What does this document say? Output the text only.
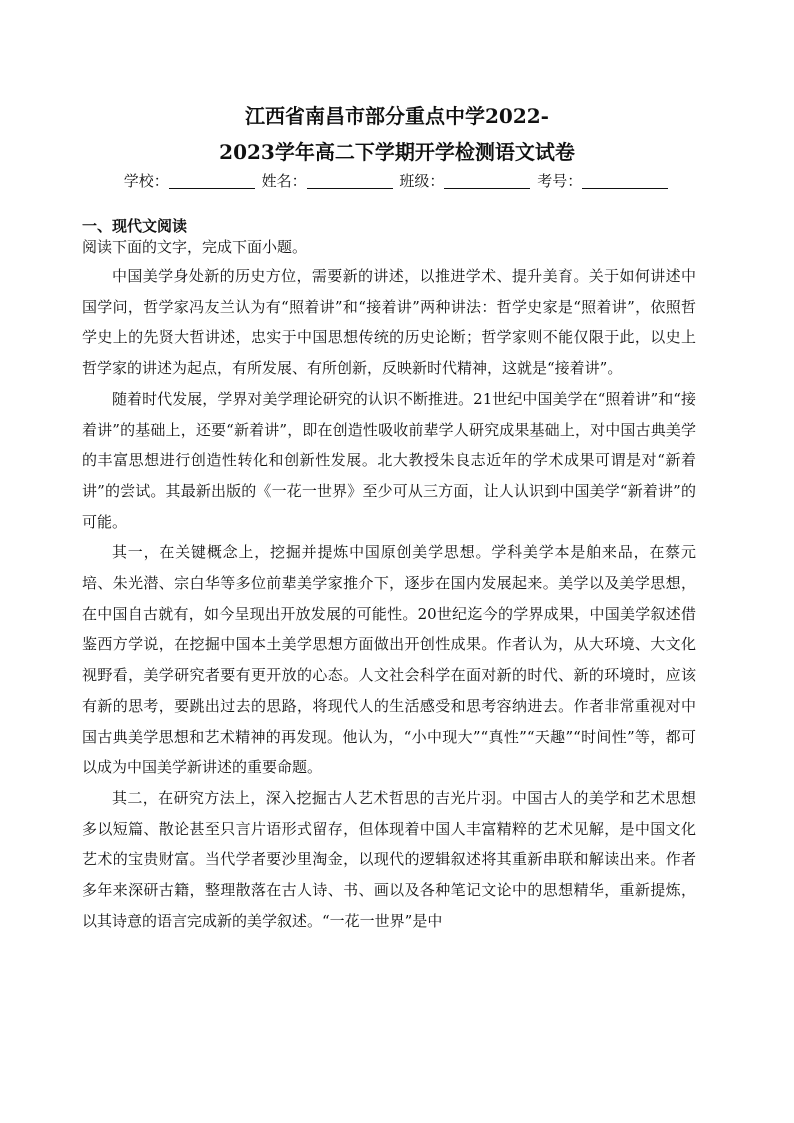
江西省南昌市部分重点中学2022-
2023学年高二下学期开学检测语文试卷
学校：	姓名：	班级：	考号：
一、现代文阅读
阅读下面的文字，完成下面小题。

中国美学身处新的历史方位，需要新的讲述，以推进学术、提升美育。关于如何讲述中国学问，哲学家冯友兰认为有“照着讲”和“接着讲”两种讲法：哲学史家是“照着讲”，依照哲学史上的先贤大哲讲述，忠实于中国思想传统的历史论断；哲学家则不能仅限于此，以史上哲学家的讲述为起点，有所发展、有所创新，反映新时代精神，这就是“接着讲”。

随着时代发展，学界对美学理论研究的认识不断推进。21世纪中国美学在“照着讲”和“接着讲”的基础上，还要“新着讲”，即在创造性吸收前辈学人研究成果基础上，对中国古典美学的丰富思想进行创造性转化和创新性发展。北大教授朱良志近年的学术成果可谓是对“新着讲”的尝试。其最新出版的《一花一世界》至少可从三方面，让人认识到中国美学“新着讲”的可能。

其一，在关键概念上，挖掘并提炼中国原创美学思想。学科美学本是舶来品，在蔡元培、朱光潜、宗白华等多位前辈美学家推介下，逐步在国内发展起来。美学以及美学思想，在中国自古就有，如今呈现出开放发展的可能性。20世纪迄今的学界成果，中国美学叙述借鉴西方学说，在挖掘中国本土美学思想方面做出开创性成果。作者认为，从大环境、大文化视野看，美学研究者要有更开放的心态。人文社会科学在面对新的时代、新的环境时，应该有新的思考，要跳出过去的思路，将现代人的生活感受和思考容纳进去。作者非常重视对中国古典美学思想和艺术精神的再发现。他认为，“小中现大”“真性”“天趣”“时间性”等，都可以成为中国美学新讲述的重要命题。

其二，在研究方法上，深入挖掘古人艺术哲思的吉光片羽。中国古人的美学和艺术思想多以短篇、散论甚至只言片语形式留存，但体现着中国人丰富精粹的艺术见解，是中国文化艺术的宝贵财富。当代学者要沙里淘金，以现代的逻辑叙述将其重新串联和解读出来。作者多年来深研古籍，整理散落在古人诗、书、画以及各种笔记文论中的思想精华，重新提炼，以其诗意的语言完成新的美学叙述。“一花一世界”是中
